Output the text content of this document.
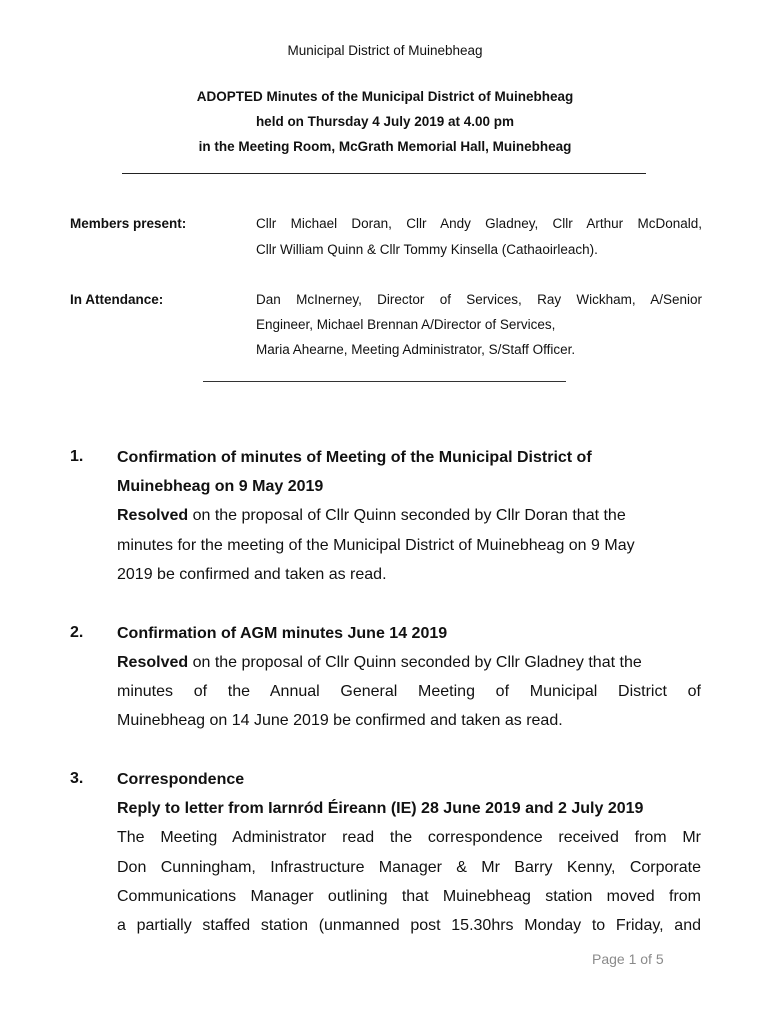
Municipal District of Muinebheag
ADOPTED Minutes of the Municipal District of Muinebheag
held on Thursday 4 July 2019 at 4.00 pm
in the Meeting Room, McGrath Memorial Hall, Muinebheag
Members present:	Cllr Michael Doran, Cllr Andy Gladney, Cllr Arthur McDonald,
Cllr William Quinn & Cllr Tommy Kinsella (Cathaoirleach).
In Attendance:	Dan McInerney, Director of Services, Ray Wickham, A/Senior
Engineer, Michael Brennan A/Director of Services,
Maria Ahearne, Meeting Administrator, S/Staff Officer.
1. Confirmation of minutes of Meeting of the Municipal District of
Muinebheag on 9 May 2019
Resolved on the proposal of Cllr Quinn seconded by Cllr Doran that the
minutes for the meeting of the Municipal District of Muinebheag on 9 May
2019 be confirmed and taken as read.
2. Confirmation of AGM minutes June 14 2019
Resolved on the proposal of Cllr Quinn seconded by Cllr Gladney that the
minutes of the Annual General Meeting of Municipal District of
Muinebheag on 14 June 2019 be confirmed and taken as read.
3. Correspondence
Reply to letter from Iarnród Éireann (IE) 28 June 2019 and 2 July 2019
The Meeting Administrator read the correspondence received from Mr
Don Cunningham, Infrastructure Manager & Mr Barry Kenny, Corporate
Communications Manager outlining that Muinebheag station moved from
a partially staffed station (unmanned post 15.30hrs Monday to Friday, and
Page 1 of 5
